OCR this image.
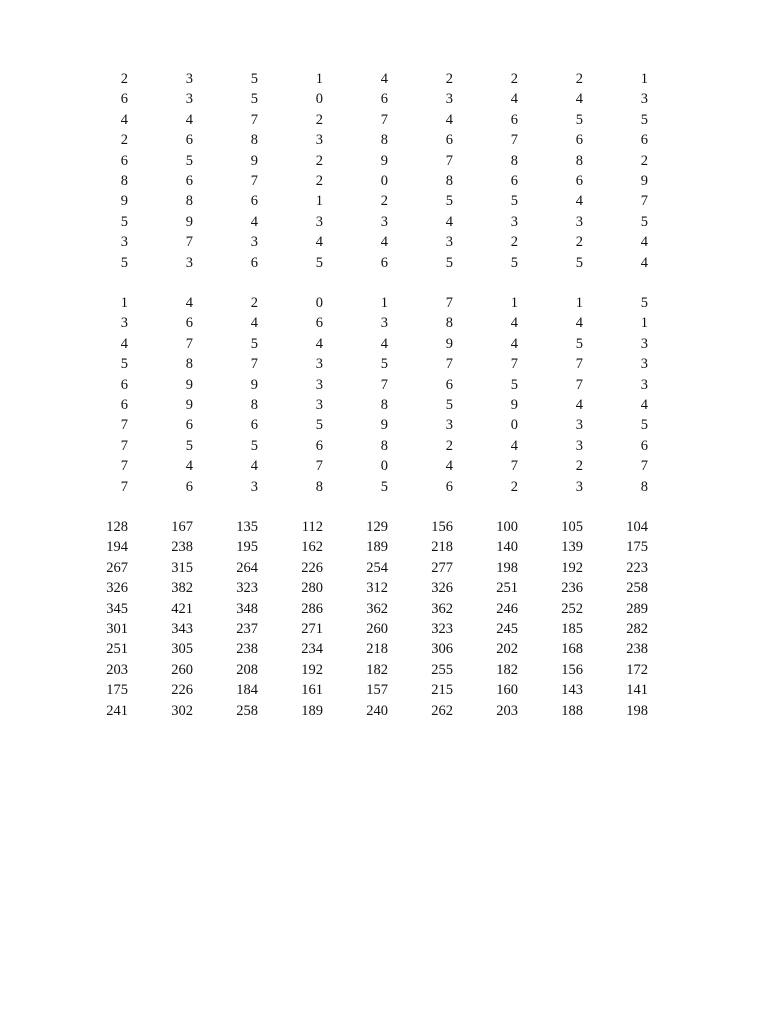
2	3	5	1	4	2	2	2	1
6	3	5	0	6	3	4	4	3
4	4	7	2	7	4	6	5	5
2	6	8	3	8	6	7	6	6
6	5	9	2	9	7	8	8	2
8	6	7	2	0	8	6	6	9
9	8	6	1	2	5	5	4	7
5	9	4	3	3	4	3	3	5
3	7	3	4	4	3	2	2	4
5	3	6	5	6	5	5	5	4
1	4	2	0	1	7	1	1	5
3	6	4	6	3	8	4	4	1
4	7	5	4	4	9	4	5	3
5	8	7	3	5	7	7	7	3
6	9	9	3	7	6	5	7	3
6	9	8	3	8	5	9	4	4
7	6	6	5	9	3	0	3	5
7	5	5	6	8	2	4	3	6
7	4	4	7	0	4	7	2	7
7	6	3	8	5	6	2	3	8
128	167	135	112	129	156	100	105	104
194	238	195	162	189	218	140	139	175
267	315	264	226	254	277	198	192	223
326	382	323	280	312	326	251	236	258
345	421	348	286	362	362	246	252	289
301	343	237	271	260	323	245	185	282
251	305	238	234	218	306	202	168	238
203	260	208	192	182	255	182	156	172
175	226	184	161	157	215	160	143	141
241	302	258	189	240	262	203	188	198
